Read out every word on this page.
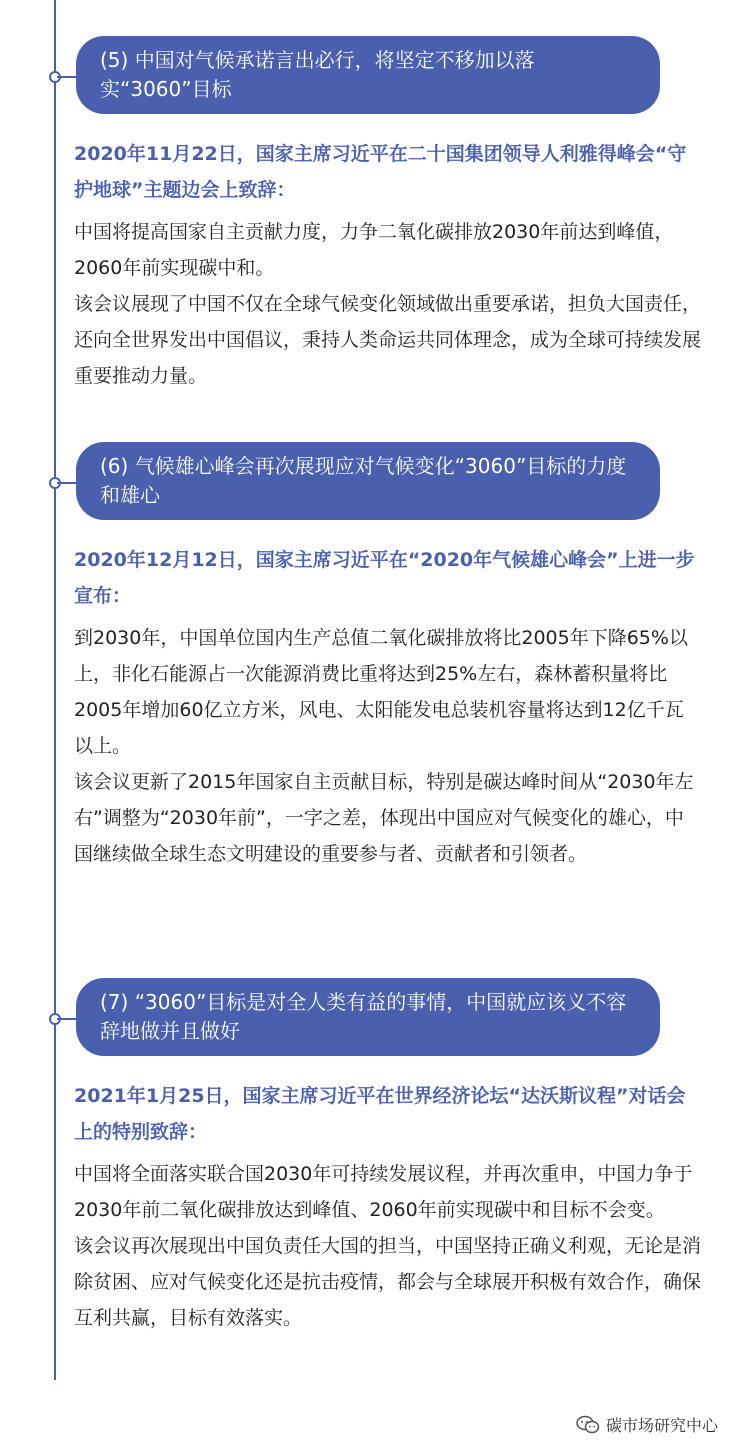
(5) 中国对气候承诺言出必行，将坚定不移加以落实“3060”目标

2020年11月22日，国家主席习近平在二十国集团领导人利雅得峰会“守护地球”主题边会上致辞：

中国将提高国家自主贡献力度，力争二氧化碳排放2030年前达到峰值，2060年前实现碳中和。

该会议展现了中国不仅在全球气候变化领域做出重要承诺，担负大国责任，还向全世界发出中国倡议，秉持人类命运共同体理念，成为全球可持续发展重要推动力量。

(6) 气候雄心峰会再次展现应对气候变化“3060”目标的力度和雄心

2020年12月12日，国家主席习近平在“2020年气候雄心峰会”上进一步宣布：

到2030年，中国单位国内生产总值二氧化碳排放将比2005年下降65%以上，非化石能源占一次能源消费比重将达到25%左右，森林蓄积量将比2005年增加60亿立方米，风电、太阳能发电总装机容量将达到12亿千瓦以上。

该会议更新了2015年国家自主贡献目标，特别是碳达峰时间从“2030年左右”调整为“2030年前”，一字之差，体现出中国应对气候变化的雄心，中国继续做全球生态文明建设的重要参与者、贡献者和引领者。

(7) “3060”目标是对全人类有益的事情，中国就应该义不容辞地做并且做好

2021年1月25日，国家主席习近平在世界经济论坛“达沃斯议程”对话会上的特别致辞：

中国将全面落实联合国2030年可持续发展议程，并再次重申，中国力争于2030年前二氧化碳排放达到峰值、2060年前实现碳中和目标不会变。

该会议再次展现出中国负责任大国的担当，中国坚持正确义利观，无论是消除贫困、应对气候变化还是抗击疫情，都会与全球展开积极有效合作，确保互利共赢，目标有效落实。

碳市场研究中心
